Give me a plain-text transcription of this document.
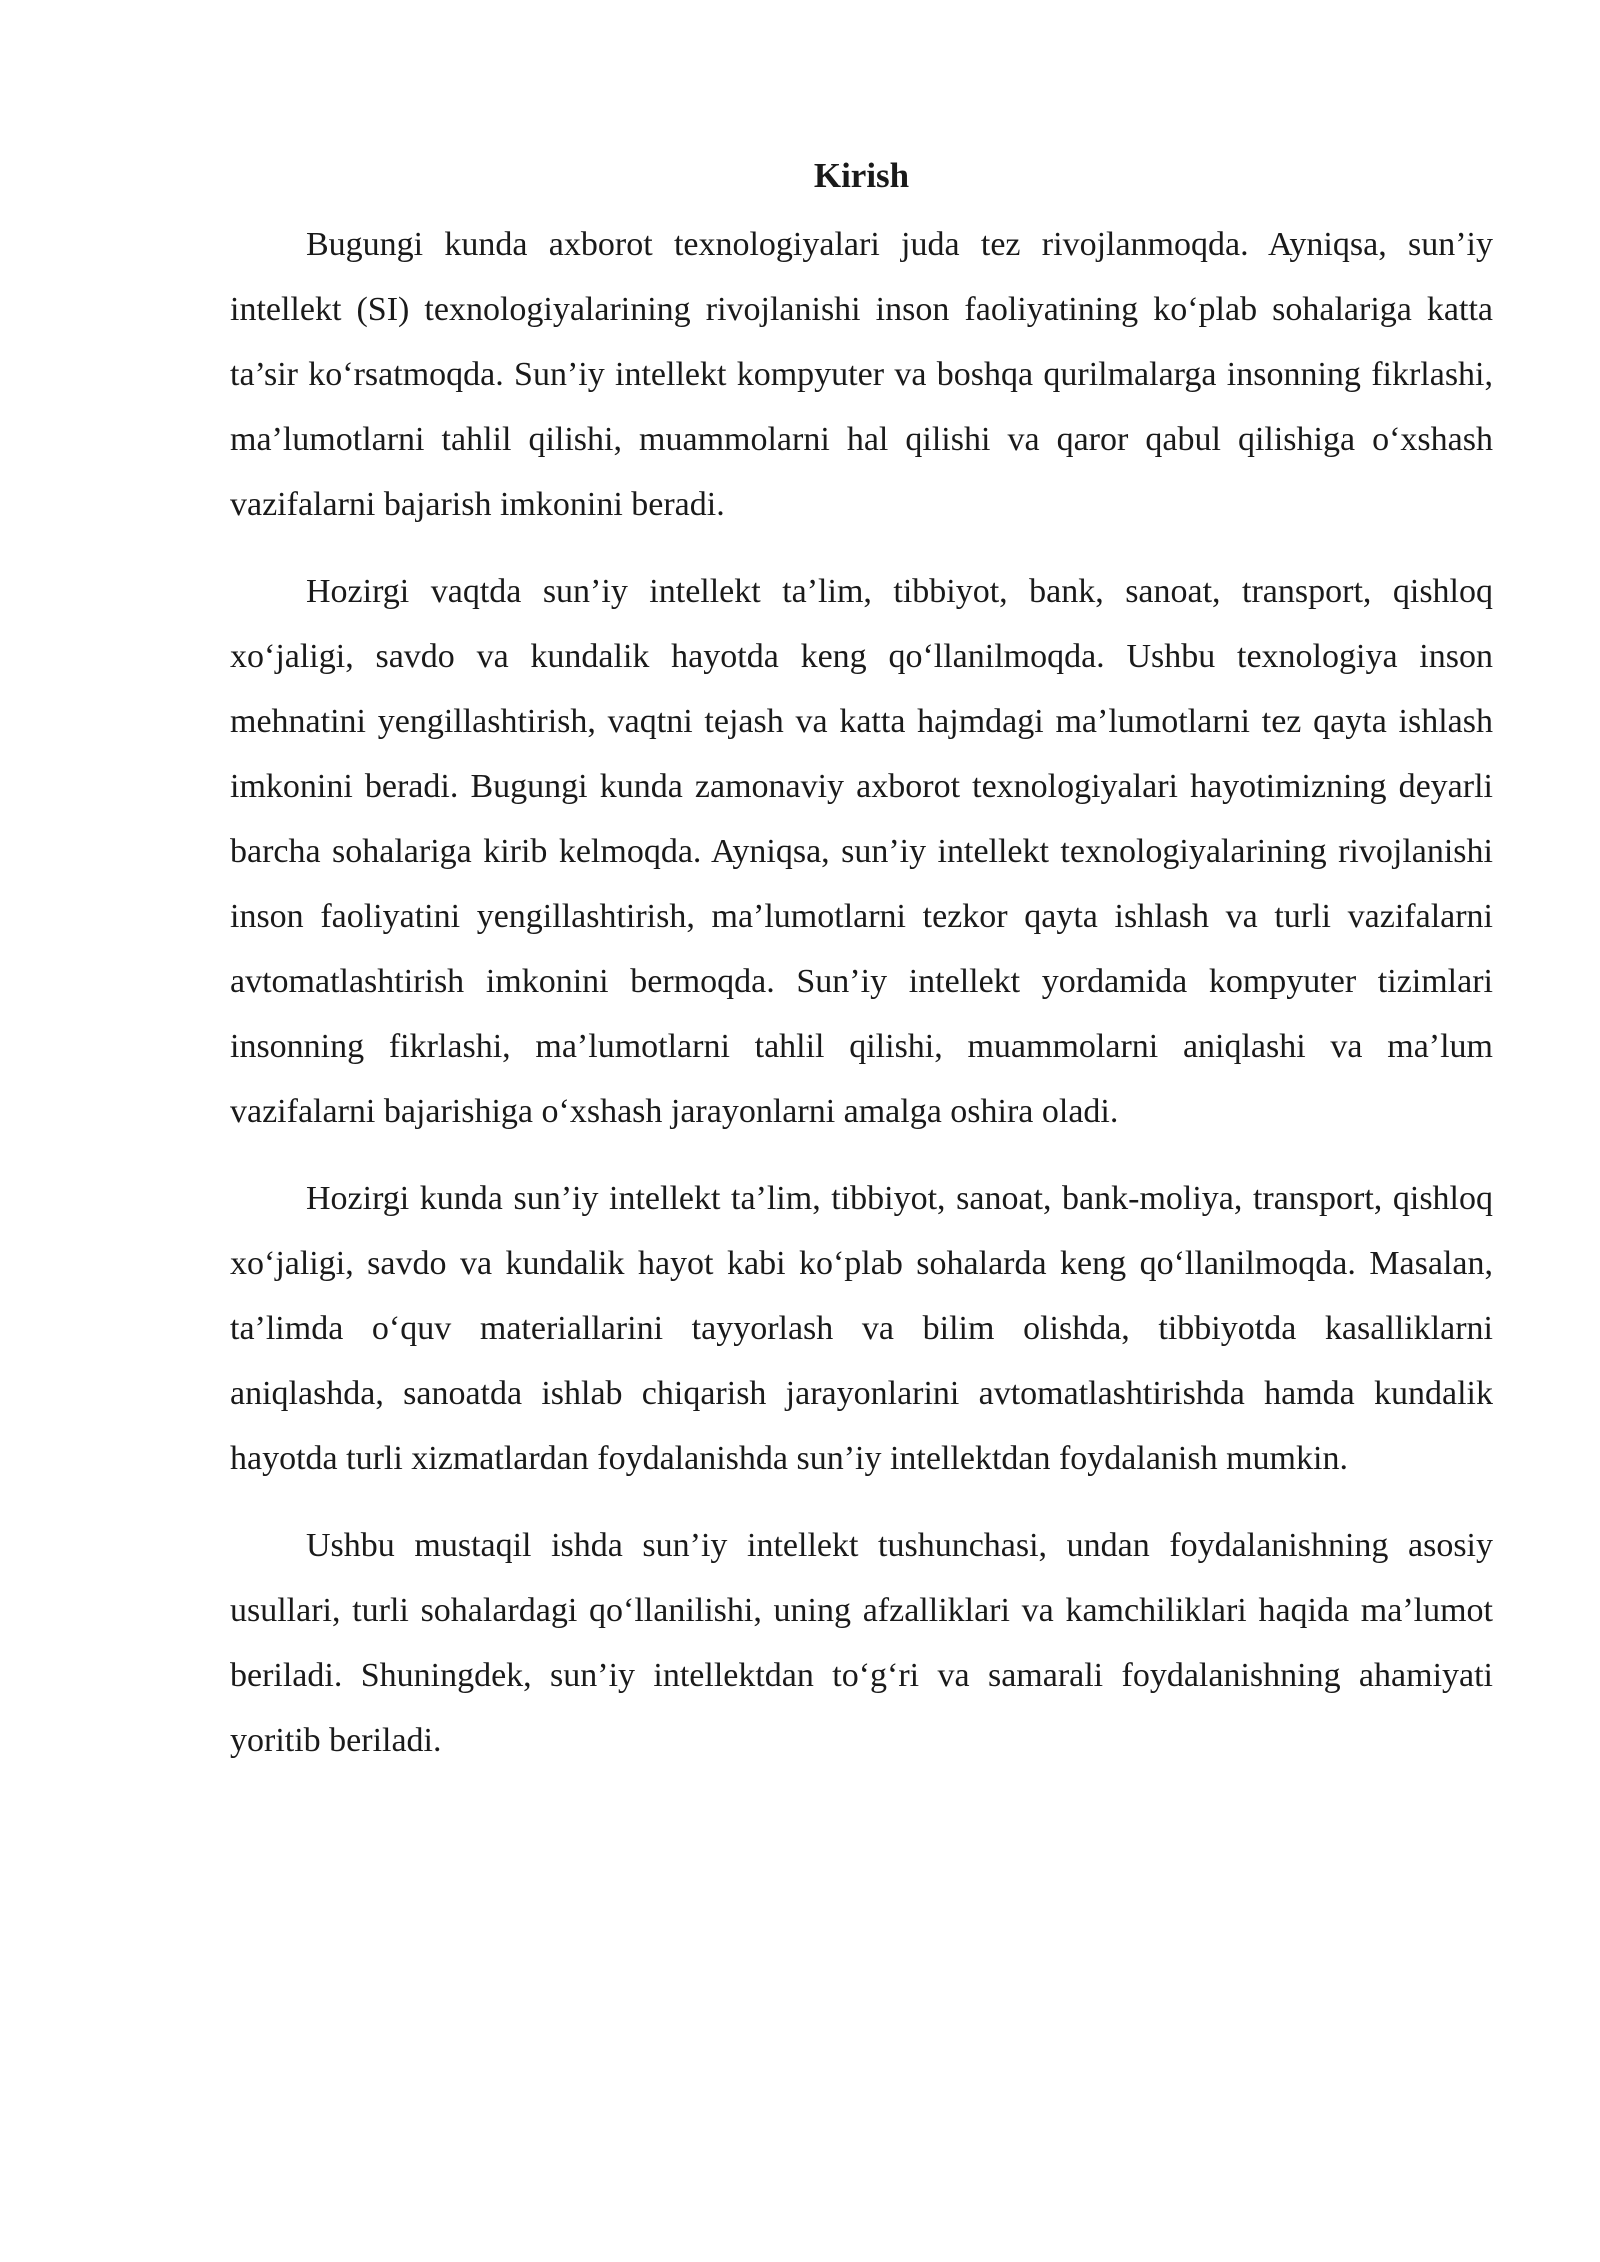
Kirish

Bugungi kunda axborot texnologiyalari juda tez rivojlanmoqda. Ayniqsa, sun’iy intellekt (SI) texnologiyalarining rivojlanishi inson faoliyatining ko‘plab sohalariga katta ta’sir ko‘rsatmoqda. Sun’iy intellekt kompyuter va boshqa qurilmalarga insonning fikrlashi, ma’lumotlarni tahlil qilishi, muammolarni hal qilishi va qaror qabul qilishiga o‘xshash vazifalarni bajarish imkonini beradi.

Hozirgi vaqtda sun’iy intellekt ta’lim, tibbiyot, bank, sanoat, transport, qishloq xo‘jaligi, savdo va kundalik hayotda keng qo‘llanilmoqda. Ushbu texnologiya inson mehnatini yengillashtirish, vaqtni tejash va katta hajmdagi ma’lumotlarni tez qayta ishlash imkonini beradi. Bugungi kunda zamonaviy axborot texnologiyalari hayotimizning deyarli barcha sohalariga kirib kelmoqda. Ayniqsa, sun’iy intellekt texnologiyalarining rivojlanishi inson faoliyatini yengillashtirish, ma’lumotlarni tezkor qayta ishlash va turli vazifalarni avtomatlashtirish imkonini bermoqda. Sun’iy intellekt yordamida kompyuter tizimlari insonning fikrlashi, ma’lumotlarni tahlil qilishi, muammolarni aniqlashi va ma’lum vazifalarni bajarishiga o‘xshash jarayonlarni amalga oshira oladi.

Hozirgi kunda sun’iy intellekt ta’lim, tibbiyot, sanoat, bank-moliya, transport, qishloq xo‘jaligi, savdo va kundalik hayot kabi ko‘plab sohalarda keng qo‘llanilmoqda. Masalan, ta’limda o‘quv materiallarini tayyorlash va bilim olishda, tibbiyotda kasalliklarni aniqlashda, sanoatda ishlab chiqarish jarayonlarini avtomatlashtirishda hamda kundalik hayotda turli xizmatlardan foydalanishda sun’iy intellektdan foydalanish mumkin.

Ushbu mustaqil ishda sun’iy intellekt tushunchasi, undan foydalanishning asosiy usullari, turli sohalardagi qo‘llanilishi, uning afzalliklari va kamchiliklari haqida ma’lumot beriladi. Shuningdek, sun’iy intellektdan to‘g‘ri va samarali foydalanishning ahamiyati yoritib beriladi.
